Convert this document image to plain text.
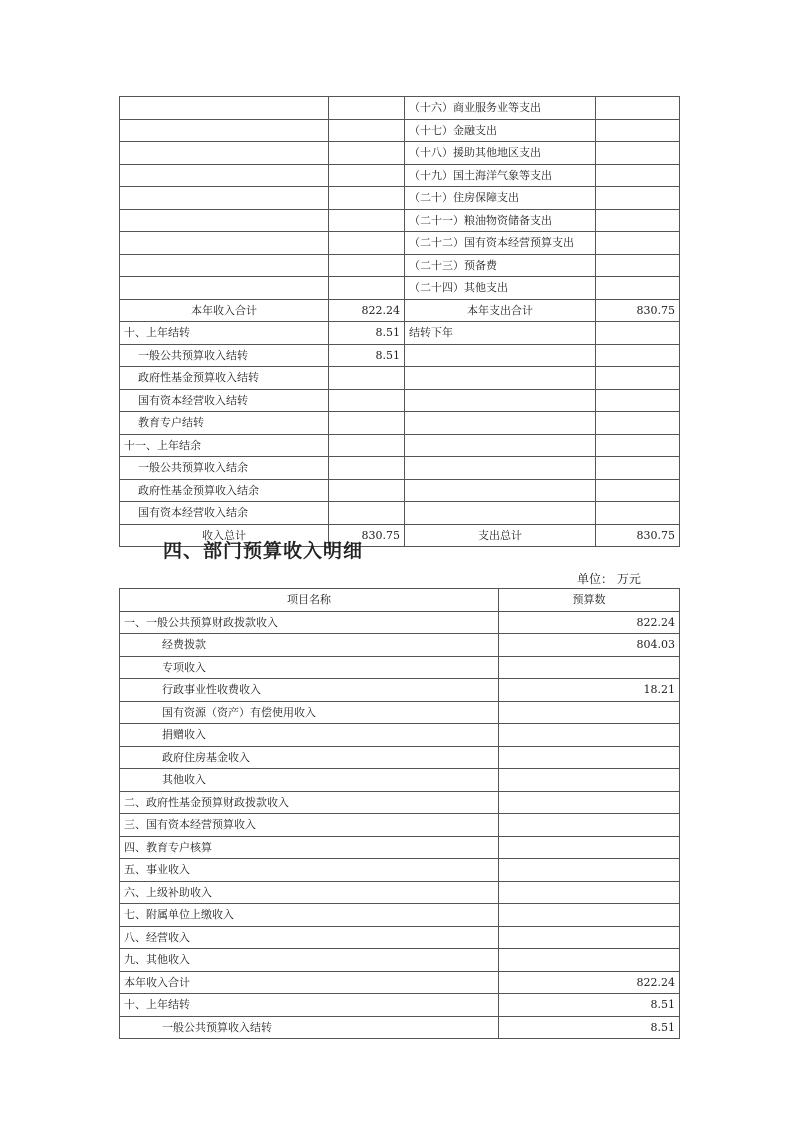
		（十六）商业服务业等支出	
		（十七）金融支出	
		（十八）援助其他地区支出	
		（十九）国土海洋气象等支出	
		（二十）住房保障支出	
		（二十一）粮油物资储备支出	
		（二十二）国有资本经营预算支出	
		（二十三）预备费	
		（二十四）其他支出	
本年收入合计	822.24	本年支出合计	830.75
十、上年结转	8.51	结转下年	
一般公共预算收入结转	8.51		
政府性基金预算收入结转			
国有资本经营收入结转			
教育专户结转			
十一、上年结余			
一般公共预算收入结余			
政府性基金预算收入结余			
国有资本经营收入结余			
收入总计	830.75	支出总计	830.75
四、部门预算收入明细
单位： 万元
项目名称	预算数
一、一般公共预算财政拨款收入	822.24
经费拨款	804.03
专项收入	
行政事业性收费收入	18.21
国有资源（资产）有偿使用收入	
捐赠收入	
政府住房基金收入	
其他收入	
二、政府性基金预算财政拨款收入	
三、国有资本经营预算收入	
四、教育专户核算	
五、事业收入	
六、上级补助收入	
七、附属单位上缴收入	
八、经营收入	
九、其他收入	
本年收入合计	822.24
十、上年结转	8.51
一般公共预算收入结转	8.51
